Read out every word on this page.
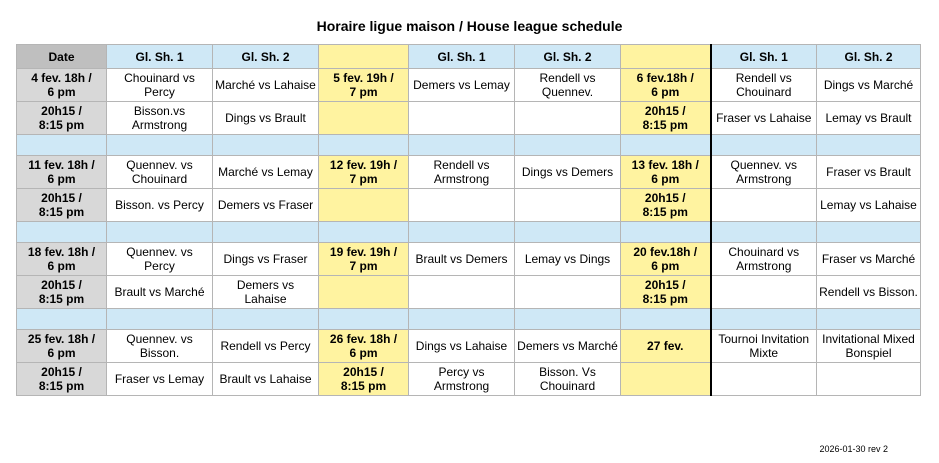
Horaire ligue maison / House league schedule
Date	Gl. Sh. 1	Gl. Sh. 2		Gl. Sh. 1	Gl. Sh. 2		Gl. Sh. 1	Gl. Sh. 2
4 fev. 18h /
6 pm	Chouinard vs
Percy	Marché vs Lahaise	5 fev. 19h /
7 pm	Demers vs Lemay	Rendell vs
Quennev.	6 fev.18h /
6 pm	Rendell vs
Chouinard	Dings vs Marché
20h15 /
8:15 pm	Bisson.vs
Armstrong	Dings vs Brault				20h15 /
8:15 pm	Fraser vs Lahaise	Lemay vs Brault

11 fev. 18h /
6 pm	Quennev. vs
Chouinard	Marché vs Lemay	12 fev. 19h /
7 pm	Rendell vs
Armstrong	Dings vs Demers	13 fev. 18h /
6 pm	Quennev. vs
Armstrong	Fraser vs Brault
20h15 /
8:15 pm	Bisson. vs Percy	Demers vs Fraser				20h15 /
8:15 pm		Lemay vs Lahaise

18 fev. 18h /
6 pm	Quennev. vs
Percy	Dings vs Fraser	19 fev. 19h /
7 pm	Brault vs Demers	Lemay vs Dings	20 fev.18h /
6 pm	Chouinard vs
Armstrong	Fraser vs Marché
20h15 /
8:15 pm	Brault vs Marché	Demers vs Lahaise				20h15 /
8:15 pm		Rendell vs Bisson.

25 fev. 18h /
6 pm	Quennev. vs
Bisson.	Rendell vs Percy	26 fev. 18h /
6 pm	Dings vs Lahaise	Demers vs Marché	27 fev.	Tournoi Invitation
Mixte	Invitational Mixed
Bonspiel
20h15 /
8:15 pm	Fraser vs Lemay	Brault vs Lahaise	20h15 /
8:15 pm	Percy vs Armstrong	Bisson. Vs
Chouinard			
2026-01-30 rev 2
